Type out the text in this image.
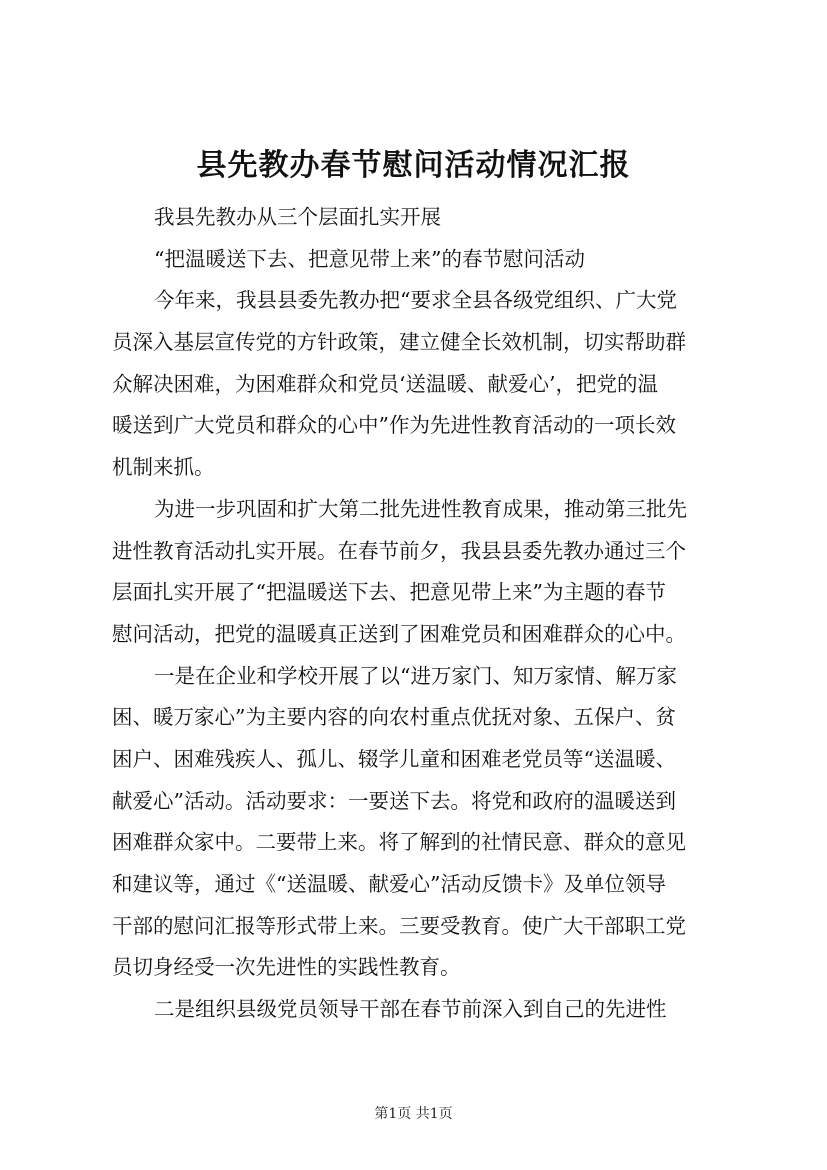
县先教办春节慰问活动情况汇报
我县先教办从三个层面扎实开展
“把温暖送下去、把意见带上来”的春节慰问活动
今年来，我县县委先教办把“要求全县各级党组织、广大党
员深入基层宣传党的方针政策，建立健全长效机制，切实帮助群
众解决困难，为困难群众和党员‘送温暖、献爱心’，把党的温
暖送到广大党员和群众的心中”作为先进性教育活动的一项长效
机制来抓。
为进一步巩固和扩大第二批先进性教育成果，推动第三批先
进性教育活动扎实开展。在春节前夕，我县县委先教办通过三个
层面扎实开展了“把温暖送下去、把意见带上来”为主题的春节
慰问活动，把党的温暖真正送到了困难党员和困难群众的心中。
一是在企业和学校开展了以“进万家门、知万家情、解万家
困、暖万家心”为主要内容的向农村重点优抚对象、五保户、贫
困户、困难残疾人、孤儿、辍学儿童和困难老党员等“送温暖、
献爱心”活动。活动要求：一要送下去。将党和政府的温暖送到
困难群众家中。二要带上来。将了解到的社情民意、群众的意见
和建议等，通过《“送温暖、献爱心”活动反馈卡》及单位领导
干部的慰问汇报等形式带上来。三要受教育。使广大干部职工党
员切身经受一次先进性的实践性教育。
二是组织县级党员领导干部在春节前深入到自己的先进性
第1页 共1页
